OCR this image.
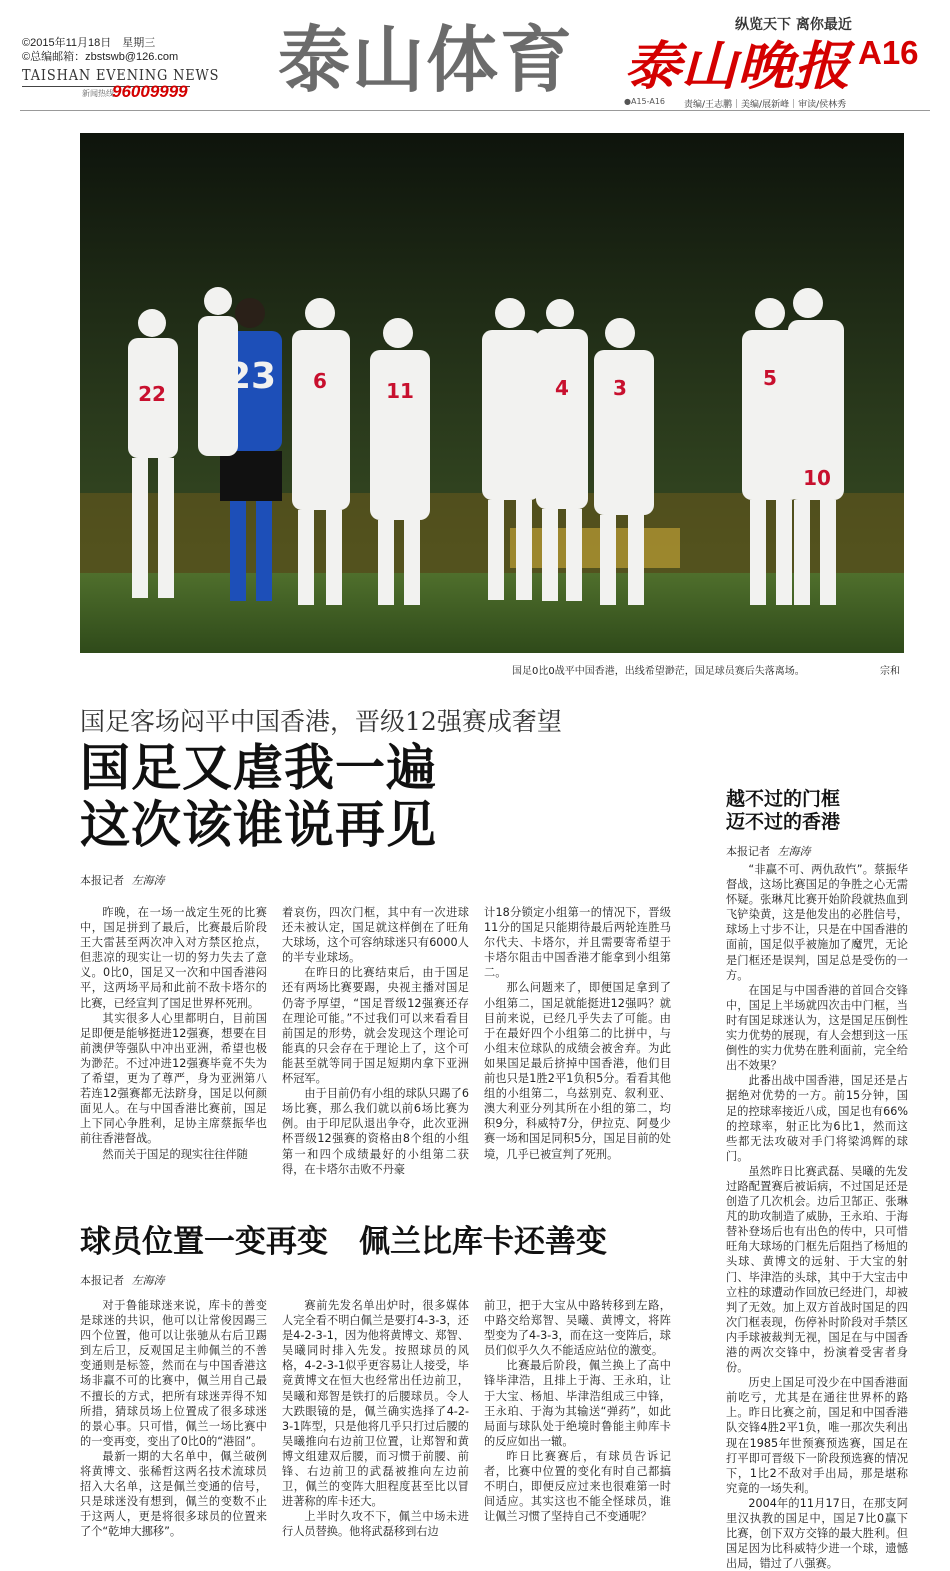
©2015年11月18日　星期三
©总编邮箱：zbstswb@126.com
TAISHAN EVENING NEWS
新闻热线
96009999 泰山体育	纵览天下 离你最近
泰山晚报 A16
●A15-A16 责编/王志鹏｜美编/展新峰｜审读/侯林秀
22 23 6	11	4 3	5
10
国足0比0战平中国香港，出线希望渺茫，国足球员赛后失落离场。	宗和
国足客场闷平中国香港，晋级12强赛成奢望
国足又虐我一遍
这次该谁说再见
本报记者 左海涛

昨晚，在一场一战定生死的比赛中，国足拼到了最后，比赛最后阶段王大雷甚至两次冲入对方禁区抢点，但悲凉的现实让一切的努力失去了意义。0比0，国足又一次和中国香港闷平，这两场平局和此前不敌卡塔尔的比赛，已经宣判了国足世界杯死刑。

其实很多人心里都明白，目前国足即便是能够挺进12强赛，想要在目前澳伊等强队中冲出亚洲，希望也极为渺茫。不过冲进12强赛毕竟不失为了希望，更为了尊严，身为亚洲第八若连12强赛都无法跻身，国足以何颜面见人。在与中国香港比赛前，国足上下同心争胜利，足协主席蔡振华也前往香港督战。

然而关于国足的现实往往伴随

着哀伤，四次门框，其中有一次进球还未被认定，国足就这样倒在了旺角大球场，这个可容纳球迷只有6000人的半专业球场。

在昨日的比赛结束后，由于国足还有两场比赛要踢，央视主播对国足仍寄予厚望，“国足晋级12强赛还存在理论可能。”不过我们可以来看看目前国足的形势，就会发现这个理论可能真的只会存在于理论上了，这个可能甚至就等同于国足短期内拿下亚洲杯冠军。

由于目前仍有小组的球队只踢了6场比赛，那么我们就以前6场比赛为例。由于印尼队退出争夺，此次亚洲杯晋级12强赛的资格由8个组的小组第一和四个成绩最好的小组第二获得，在卡塔尔击败不丹豪

计18分锁定小组第一的情况下，晋级11分的国足只能期待最后两轮连胜马尔代夫、卡塔尔，并且需要寄希望于卡塔尔阻击中国香港才能拿到小组第二。

那么问题来了，即便国足拿到了小组第二，国足就能挺进12强吗？就目前来说，已经几乎失去了可能。由于在最好四个小组第二的比拼中，与小组末位球队的成绩会被舍弃。为此如果国足最后挤掉中国香港，他们目前也只是1胜2平1负积5分。看看其他组的小组第二，乌兹别克、叙利亚、澳大利亚分列其所在小组的第二，均积9分，科威特7分，伊拉克、阿曼少赛一场和国足同积5分，国足目前的处境，几乎已被宣判了死刑。

球员位置一变再变　佩兰比库卡还善变
本报记者 左海涛

对于鲁能球迷来说，库卡的善变是球迷的共识，他可以让常俊因踢三四个位置，他可以让张驰从右后卫踢到左后卫，反观国足主帅佩兰的不善变通则是标签，然而在与中国香港这场非赢不可的比赛中，佩兰用自己最不擅长的方式，把所有球迷弄得不知所措，猜球员场上位置成了很多球迷的景心事。只可惜，佩兰一场比赛中的一变再变，变出了0比0的“港囧”。

最新一期的大名单中，佩兰破例将黄博文、张稀哲这两名技术流球员招入大名单，这是佩兰变通的信号，只是球迷没有想到，佩兰的变数不止于这两人，更是将很多球员的位置来了个“乾坤大挪移”。

赛前先发名单出炉时，很多媒体人完全看不明白佩兰是要打4-3-3，还是4-2-3-1，因为他将黄博文、郑智、吴曦同时排入先发。按照球员的风格，4-2-3-1似乎更容易让人接受，毕竟黄博文在恒大也经常出任边前卫，吴曦和郑智是铁打的后腰球员。令人大跌眼镜的是，佩兰确实选择了4-2-3-1阵型，只是他将几乎只打过后腰的吴曦推向右边前卫位置，让郑智和黄博文组建双后腰，而习惯于前腰、前锋、右边前卫的武磊被推向左边前卫，佩兰的变阵大胆程度甚至比以冒进著称的库卡还大。

上半时久攻不下，佩兰中场未进行人员替换。他将武磊移到右边

前卫，把于大宝从中路转移到左路，中路交给郑智、吴曦、黄博文，将阵型变为了4-3-3，而在这一变阵后，球员们似乎久久不能适应站位的激变。

比赛最后阶段，佩兰换上了高中锋毕津浩，且排上于海、王永珀，让于大宝、杨旭、毕津浩组成三中锋，王永珀、于海为其输送“弹药”，如此局面与球队处于绝境时鲁能主帅库卡的反应如出一辙。

昨日比赛赛后，有球员告诉记者，比赛中位置的变化有时自己都搞不明白，即便反应过来也很难第一时间适应。其实这也不能全怪球员，谁让佩兰习惯了坚持自己不变通呢？

越不过的门框
迈不过的香港
本报记者 左海涛

“非赢不可、两仇敌忾”。蔡振华督战，这场比赛国足的争胜之心无需怀疑。张琳芃比赛开始阶段就热血到飞铲染黄，这是他发出的必胜信号，球场上寸步不让，只是在中国香港的面前，国足似乎被施加了魔咒，无论是门框还是误判，国足总是受伤的一方。

在国足与中国香港的首回合交锋中，国足上半场就四次击中门框，当时有国足球迷认为，这是国足压倒性实力优势的展现，有人会想到这一压倒性的实力优势在胜利面前，完全给出不效果？

此番出战中国香港，国足还是占据绝对优势的一方。前15分钟，国足的控球率接近八成，国足也有66%的控球率，射正比为6比1，然而这些都无法攻破对手门将梁鸿辉的球门。

虽然昨日比赛武磊、吴曦的先发过路配置赛后被诟病，不过国足还是创造了几次机会。边后卫郜正、张琳芃的助攻制造了威胁，王永珀、于海替补登场后也有出色的传中，只可惜旺角大球场的门框先后阻挡了杨旭的头球、黄博文的远射、于大宝的射门、毕津浩的头球，其中于大宝击中立柱的球遭动作回放已经进门，却被判了无效。加上双方首战时国足的四次门框表现，伤停补时阶段对手禁区内手球被裁判无视，国足在与中国香港的两次交锋中，扮演着受害者身份。

历史上国足可没少在中国香港面前吃亏，尤其是在通往世界杯的路上。昨日比赛之前，国足和中国香港队交锋4胜2平1负，唯一那次失利出现在1985年世预赛预选赛，国足在打平即可晋级下一阶段预选赛的情况下，1比2不敌对手出局，那是堪称究竟的一场失利。

2004年的11月17日，在那支阿里汉执教的国足中，国足7比0赢下比赛，创下双方交锋的最大胜利。但国足因为比科威特少进一个球，遗憾出局，错过了八强赛。
